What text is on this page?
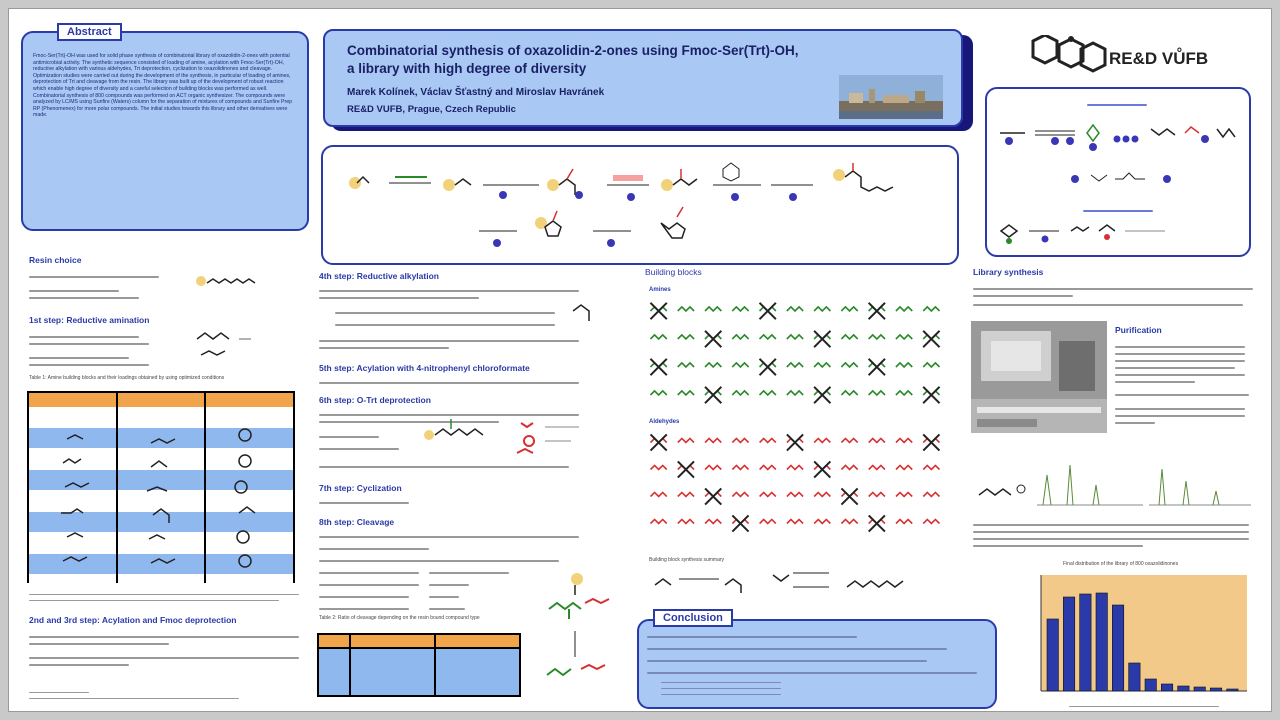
Fmoc-Ser(Trt)-OH was used for solid phase synthesis of combinatorial library of oxazolidin-2-ones with potential antimicrobial activity. The synthetic sequence consisted of loading of amine, acylation with Fmoc-Ser(Trt)-OH, reductive alkylation with various aldehydes, Trt deprotection, cyclization to oxazolidinones and cleavage. Optimization studies were carried out during the development of the synthesis, in particular of loading of amines, deprotection of Trt and cleavage from the resin. The library was built up of the development of robust reaction which enable high degree of diversity and a careful selection of building blocks was performed as well. Combinatorial synthesis of 800 compounds was performed on ACT organic synthesizer. The compounds were analyzed by LC/MS using Sunfire (Waters) column for the separation of mixtures of compounds and Sunfire Prep RP (Phenomenex) for more polar compounds. The initial studies towards this library and other derivatives were made.
Abstract
Combinatorial synthesis of oxazolidin-2-ones using Fmoc-Ser(Trt)-OH,
a library with high degree of diversity
Marek Kolínek, Václav Šťastný and Miroslav Havránek
RE&D VUFB, Prague, Czech Republic
RE&D VŮFB
Resin choice
1st step: Reductive amination
Table 1: Amine building blocks and their loadings obtained by using optimized conditions

2nd and 3rd step: Acylation and Fmoc deprotection
4th step: Reductive alkylation
5th step: Acylation with 4-nitrophenyl chloroformate
6th step: O-Trt deprotection
7th step: Cyclization
8th step: Cleavage
Table 2: Ratio of cleavage depending on the resin bound compound type
Building blocks
Amines
Aldehydes
Building block synthesis summary
Conclusion
Library synthesis
Purification
Final distribution of the library of 800 oxazolidinones
